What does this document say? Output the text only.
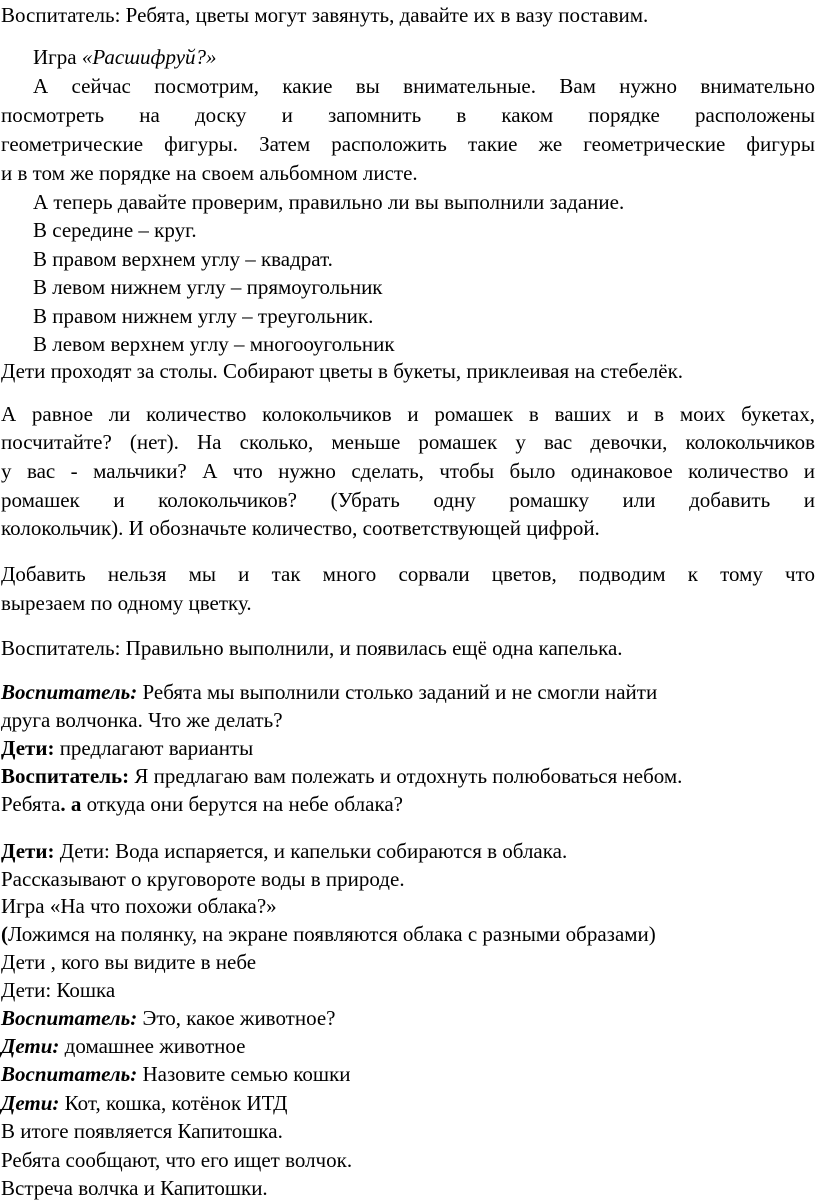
Воспитатель: Ребята, цветы могут завянуть, давайте их в вазу поставим.
Игра «Расшифруй?»
А сейчас посмотрим, какие вы внимательные. Вам нужно внимательно
посмотреть на доску и запомнить в каком порядке расположены
геометрические фигуры. Затем расположить такие же геометрические фигуры
и в том же порядке на своем альбомном листе.
А теперь давайте проверим, правильно ли вы выполнили задание.
В середине – круг.
В правом верхнем углу – квадрат.
В левом нижнем углу – прямоугольник
В правом нижнем углу – треугольник.
В левом верхнем углу – многооугольник
Дети проходят за столы. Собирают цветы в букеты, приклеивая на стебелёк.
А равное ли количество колокольчиков и ромашек в ваших и в моих букетах,
посчитайте? (нет). На сколько, меньше ромашек у вас девочки, колокольчиков
у вас - мальчики? А что нужно сделать, чтобы было одинаковое количество и
ромашек и колокольчиков? (Убрать одну ромашку или добавить и
колокольчик). И обозначьте количество, соответствующей цифрой.
Добавить нельзя мы и так много сорвали цветов, подводим к тому что
вырезаем по одному цветку.
Воспитатель: Правильно выполнили, и появилась ещё одна капелька.
Воспитатель: Ребята мы выполнили столько заданий и не смогли найти
друга волчонка. Что же делать?
Дети: предлагают варианты
Воспитатель: Я предлагаю вам полежать и отдохнуть полюбоваться небом.
Ребята. а откуда они берутся на небе облака?
Дети: Дети: Вода испаряется, и капельки собираются в облака.
Рассказывают о круговороте воды в природе.
Игра «На что похожи облака?»
(Ложимся на полянку, на экране появляются облака с разными образами)
Дети , кого вы видите в небе
Дети: Кошка
Воспитатель: Это, какое животное?
Дети: домашнее животное
Воспитатель: Назовите семью кошки
Дети: Кот, кошка, котёнок ИТД
В итоге появляется Капитошка.
Ребята сообщают, что его ищет волчок.
Встреча волчка и Капитошки.
